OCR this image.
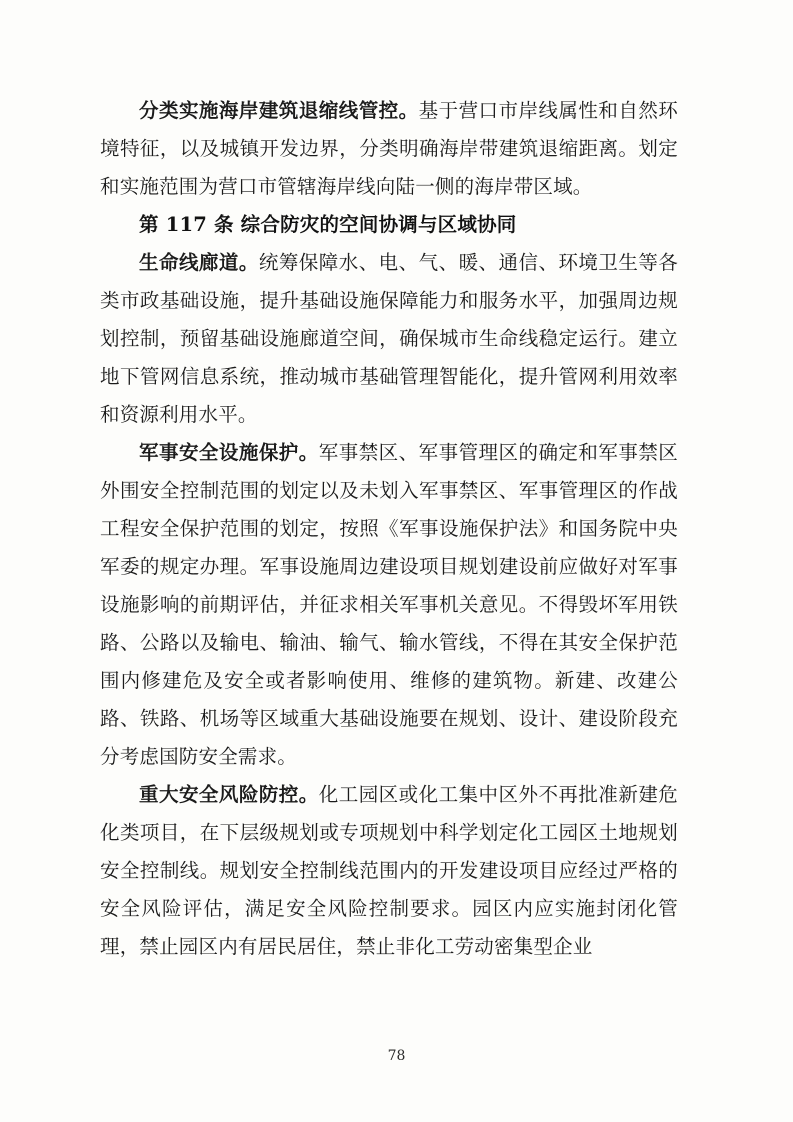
分类实施海岸建筑退缩线管控。基于营口市岸线属性和自然环境特征，以及城镇开发边界，分类明确海岸带建筑退缩距离。划定和实施范围为营口市管辖海岸线向陆一侧的海岸带区域。

第 117 条 综合防灾的空间协调与区域协同

生命线廊道。统筹保障水、电、气、暖、通信、环境卫生等各类市政基础设施，提升基础设施保障能力和服务水平，加强周边规划控制，预留基础设施廊道空间，确保城市生命线稳定运行。建立地下管网信息系统，推动城市基础管理智能化，提升管网利用效率和资源利用水平。

军事安全设施保护。军事禁区、军事管理区的确定和军事禁区外围安全控制范围的划定以及未划入军事禁区、军事管理区的作战工程安全保护范围的划定，按照《军事设施保护法》和国务院中央军委的规定办理。军事设施周边建设项目规划建设前应做好对军事设施影响的前期评估，并征求相关军事机关意见。不得毁坏军用铁路、公路以及输电、输油、输气、输水管线，不得在其安全保护范围内修建危及安全或者影响使用、维修的建筑物。新建、改建公路、铁路、机场等区域重大基础设施要在规划、设计、建设阶段充分考虑国防安全需求。

重大安全风险防控。化工园区或化工集中区外不再批准新建危化类项目，在下层级规划或专项规划中科学划定化工园区土地规划安全控制线。规划安全控制线范围内的开发建设项目应经过严格的安全风险评估，满足安全风险控制要求。园区内应实施封闭化管理，禁止园区内有居民居住，禁止非化工劳动密集型企业

78
